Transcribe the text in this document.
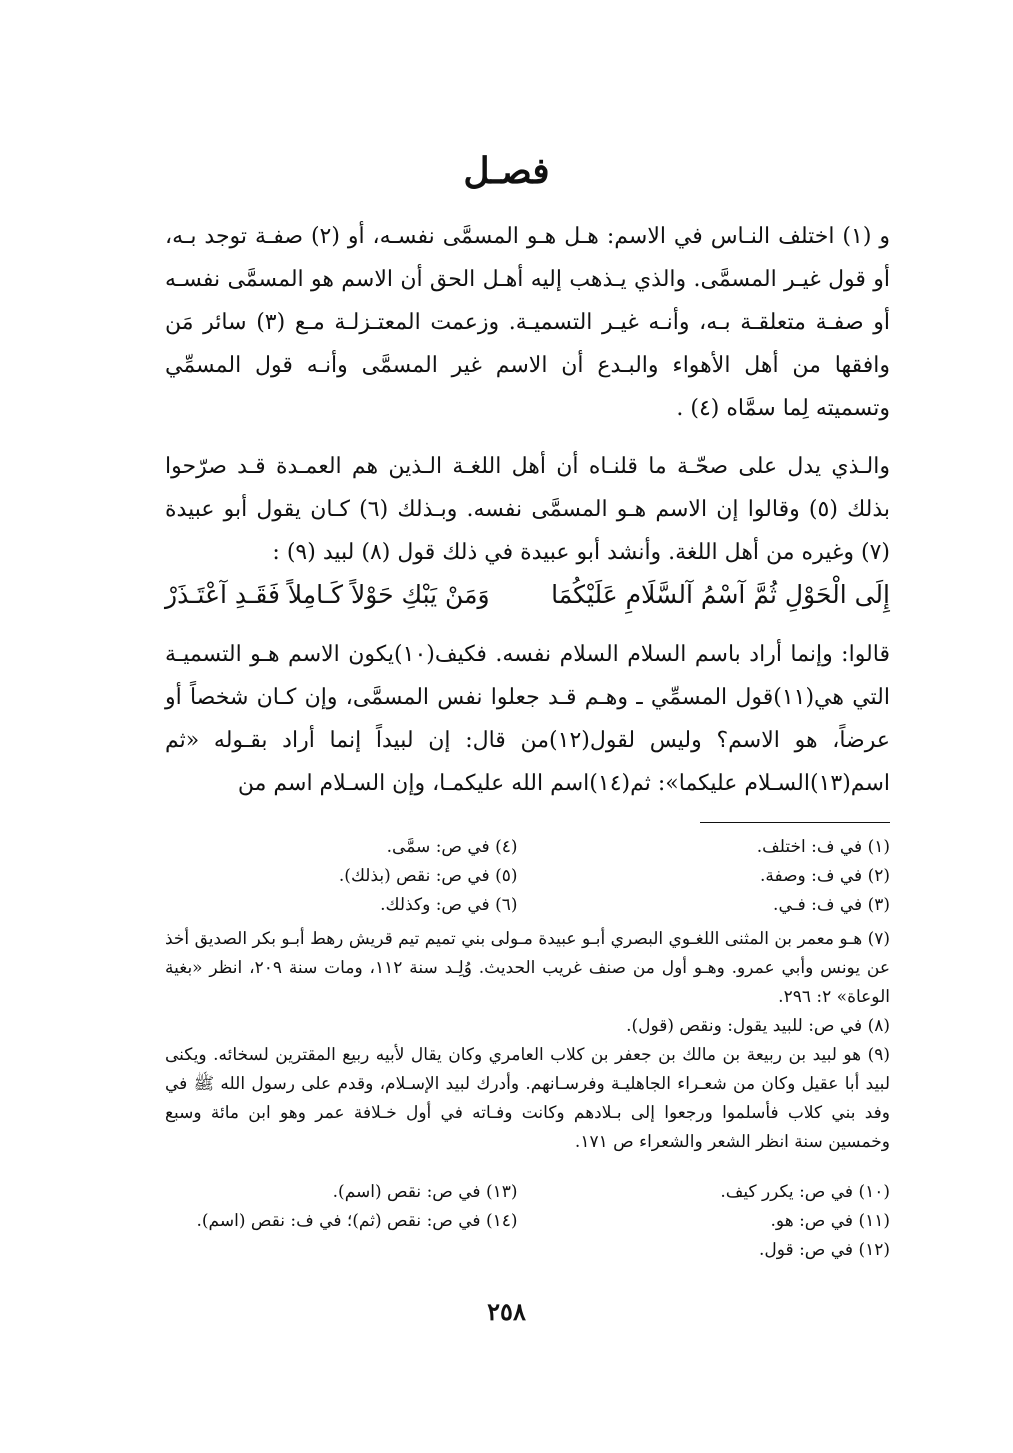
فصـل

و (١) اختلف النـاس في الاسم: هـل هـو المسمَّى نفسـه، أو (٢) صفـة توجد بـه، أو قول غيـر المسمَّى. والذي يـذهب إليه أهـل الحق أن الاسم هو المسمَّى نفسـه أو صفـة متعلقـة بـه، وأنـه غيـر التسميـة. وزعمت المعتـزلـة مـع (٣) سائر مَن وافقها من أهل الأهواء والبـدع أن الاسم غير المسمَّى وأنـه قول المسمِّي وتسميته لِما سمَّاه (٤) .

والـذي يدل على صحّـة ما قلنـاه أن أهل اللغـة الـذين هم العمـدة قـد صرّحوا بذلك (٥) وقالوا إن الاسم هـو المسمَّى نفسه. وبـذلك (٦) كـان يقول أبو عبيدة (٧) وغيره من أهل اللغة. وأنشد أبو عبيدة في ذلك قول (٨) لبيد (٩) :

إِلَى الْحَوْلِ ثُمَّ آسْمُ آلسَّلَامِ عَلَيْكُمَا
وَمَنْ يَبْكِ حَوْلاً كَـامِلاً فَقَـدِ آعْتَـذَرْ

قالوا: وإنما أراد باسم السلام السلام نفسه. فكيف(١٠)يكون الاسم هـو التسميـة التي هي(١١)قول المسمِّي ـ وهـم قـد جعلوا نفس المسمَّى، وإن كـان شخصاً أو عرضاً، هو الاسم؟ وليس لقول(١٢)من قال: إن لبيداً إنما أراد بقـوله «ثم اسم(١٣)السـلام عليكما»: ثم(١٤)اسم الله عليكمـا، وإن السـلام اسم من

(١) في ف: اختلف.
(٢) في ف: وصفة.
(٣) في ف: فـي.
(٤) في ص: سمَّى.
(٥) في ص: نقص (بذلك).
(٦) في ص: وكذلك.
(٧) هـو معمر بن المثنى اللغـوي البصري أبـو عبيدة مـولى بني تميم تيم قريش رهط أبـو بكر الصديق أخذ عن يونس وأبي عمرو. وهـو أول من صنف غريب الحديث. وُلِـد سنة ١١٢، ومات سنة ٢٠٩، انظر «بغية الوعاة» ٢: ٢٩٦.
(٨) في ص: للبيد يقول: ونقص (قول).
(٩) هو لبيد بن ربيعة بن مالك بن جعفر بن كلاب العامري وكان يقال لأبيه ربيع المقترين لسخائه. ويكنى لبيد أبا عقيل وكان من شعـراء الجاهليـة وفرسـانهم. وأدرك لبيد الإسـلام، وقدم على رسول الله ﷺ في وفد بني كلاب فأسلموا ورجعوا إلى بـلادهم وكانت وفـاته في أول خـلافة عمر وهو ابن مائة وسبع وخمسين سنة انظر الشعر والشعراء ص ١٧١.
(١٠) في ص: يكرر كيف.
(١١) في ص: هو.
(١٢) في ص: قول.
(١٣) في ص: نقص (اسم).
(١٤) في ص: نقص (ثم)؛ في ف: نقص (اسم).
٢٥٨
